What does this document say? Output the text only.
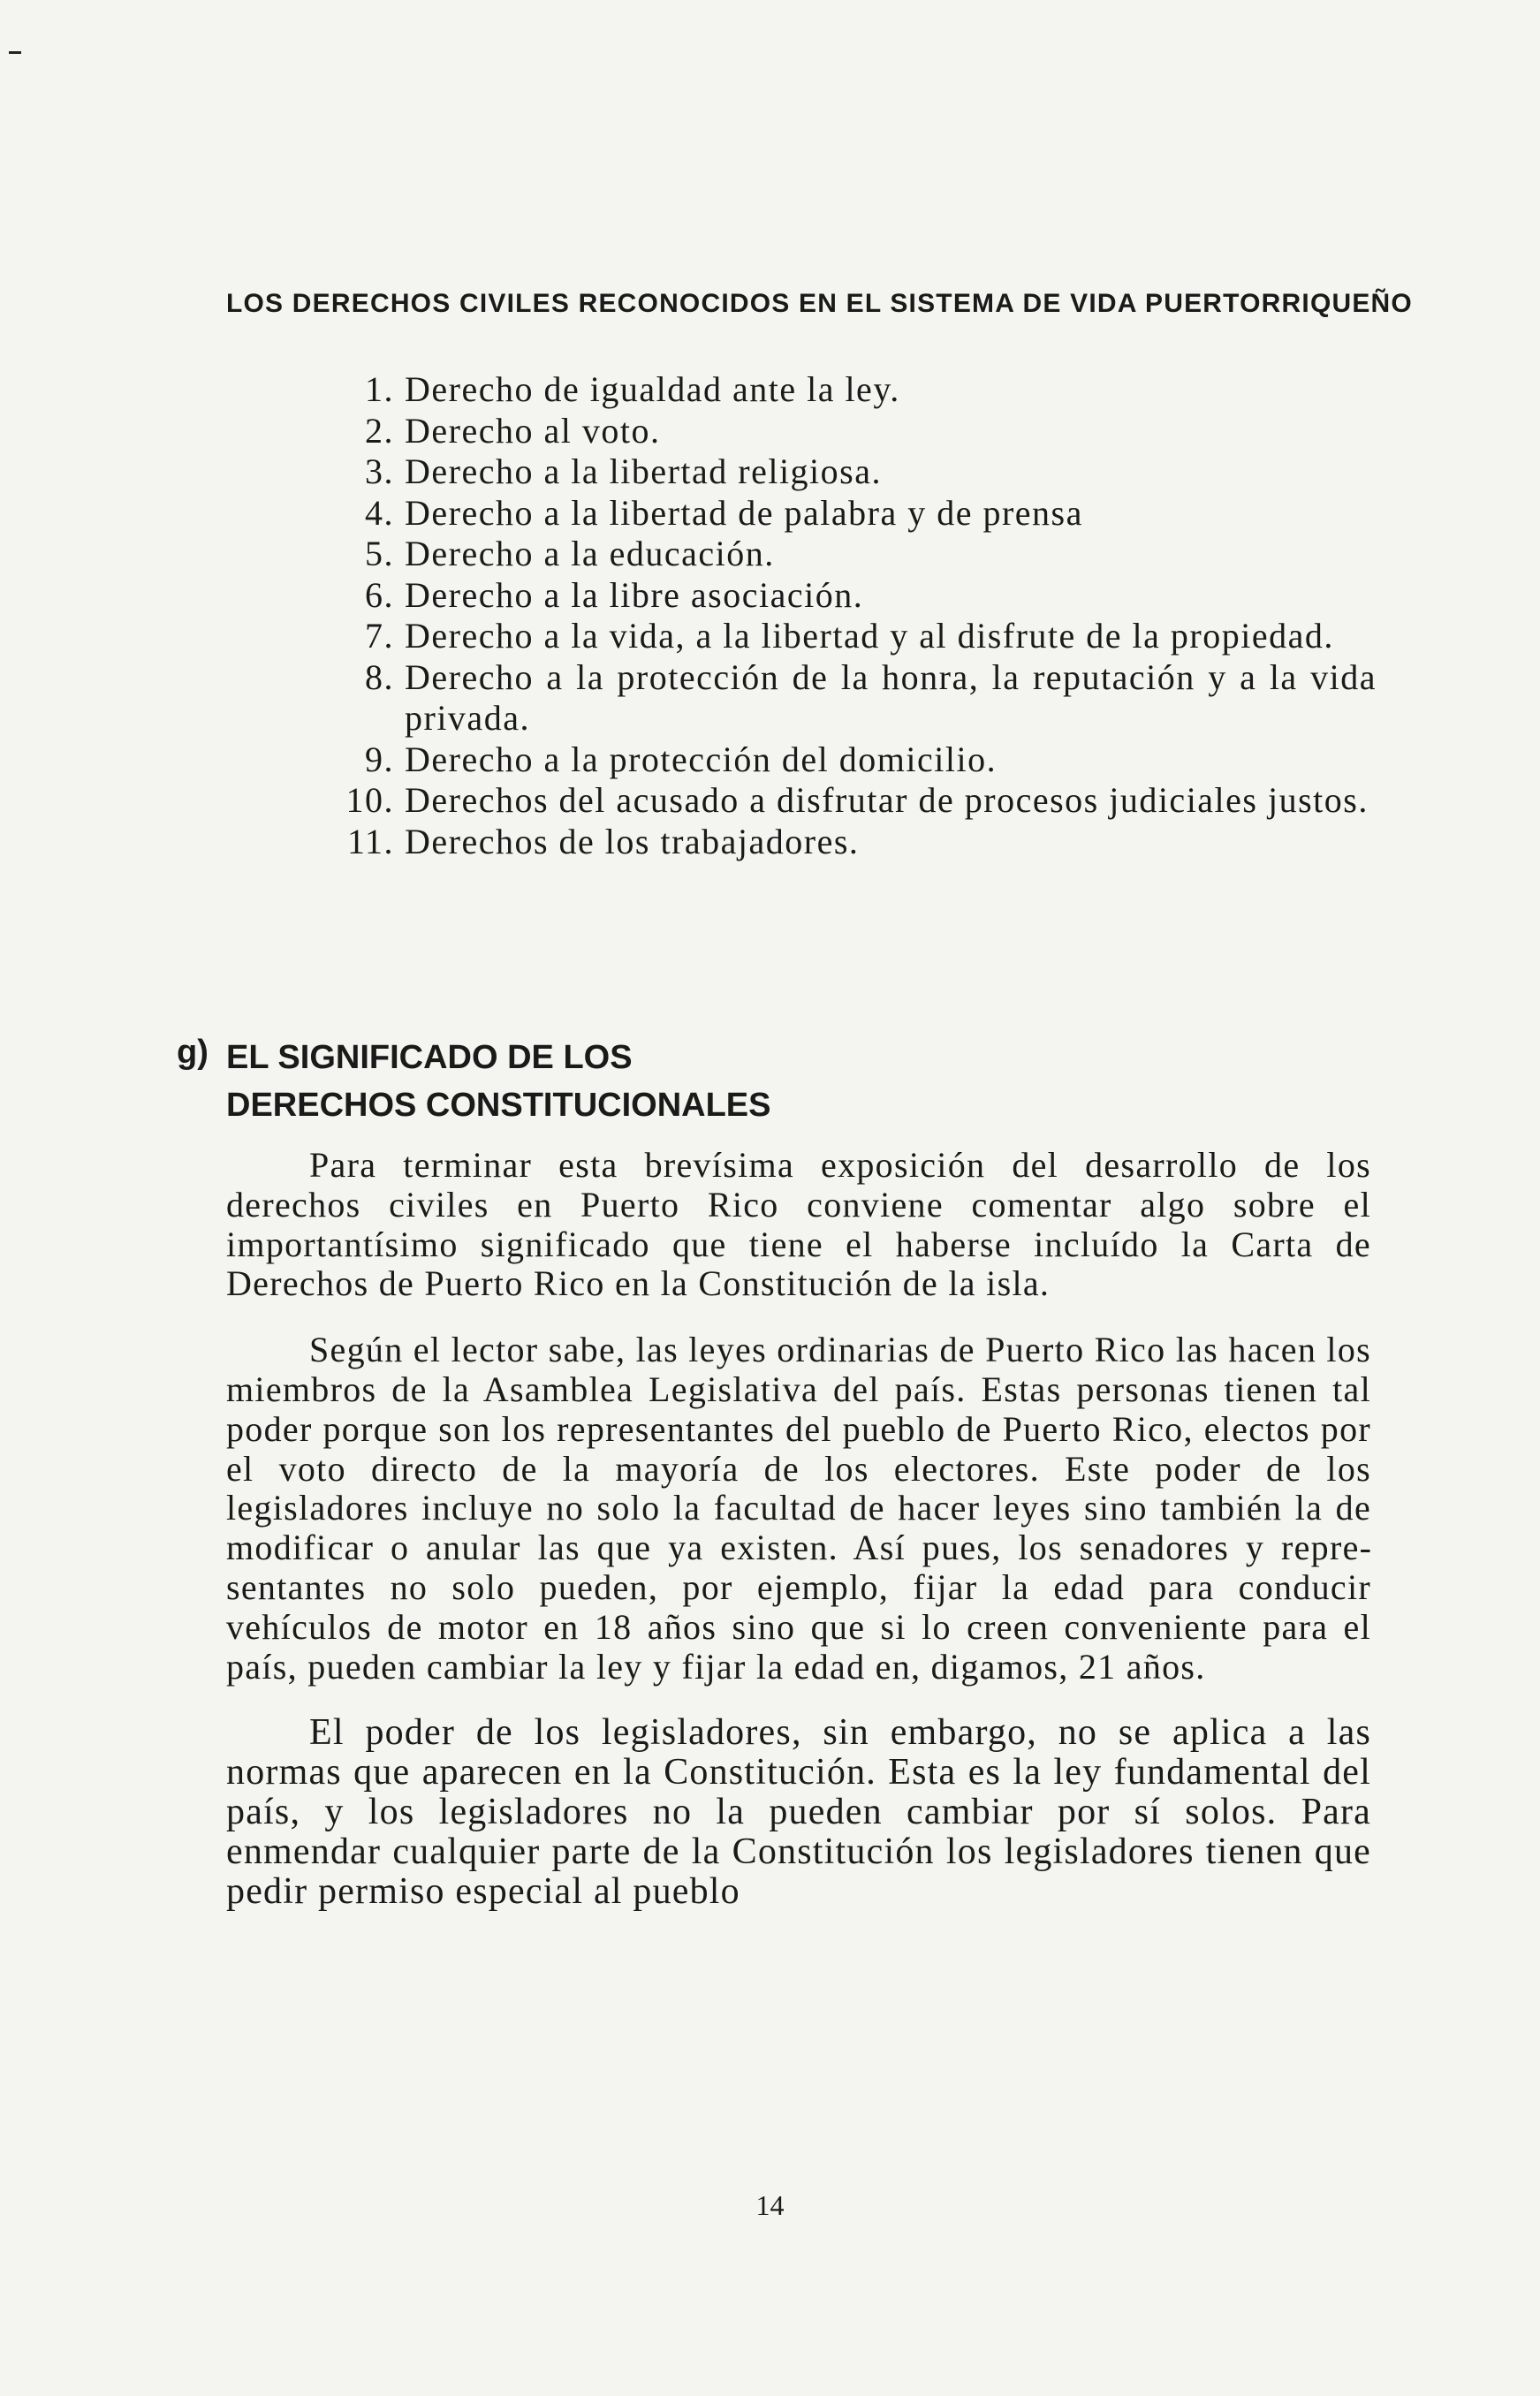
LOS DERECHOS CIVILES RECONOCIDOS EN EL SISTEMA DE VIDA PUERTORRIQUEÑO
1. Derecho de igualdad ante la ley.
2. Derecho al voto.
3. Derecho a la libertad religiosa.
4. Derecho a la libertad de palabra y de prensa
5. Derecho a la educación.
6. Derecho a la libre asociación.
7. Derecho a la vida, a la libertad y al disfrute de la propiedad.
8. Derecho a la protección de la honra, la reputación y a la vida privada.
9. Derecho a la protección del domicilio.
10. Derechos del acusado a disfrutar de procesos judiciales justos.
11. Derechos de los trabajadores.
g) EL SIGNIFICADO DE LOS
DERECHOS CONSTITUCIONALES

Para terminar esta brevísima exposición del desarrollo de los derechos civiles en Puerto Rico conviene comentar algo sobre el importantísimo significado que tiene el haberse incluído la Carta de Derechos de Puerto Rico en la Constitución de la isla.

Según el lector sabe, las leyes ordinarias de Puerto Rico las hacen los miembros de la Asamblea Legislativa del país. Estas personas tienen tal poder porque son los representantes del pueblo de Puerto Rico, electos por el voto directo de la mayoría de los electores. Este poder de los legisladores incluye no solo la facultad de hacer leyes sino también la de modificar o anular las que ya existen. Así pues, los senadores y representantes no solo pueden, por ejemplo, fijar la edad para conducir vehículos de motor en 18 años sino que si lo creen conveniente para el país, pueden cambiar la ley y fijar la edad en, digamos, 21 años.

El poder de los legisladores, sin embargo, no se aplica a las normas que aparecen en la Constitución. Esta es la ley fundamental del país, y los legisladores no la pueden cambiar por sí solos. Para enmendar cualquier parte de la Constitución los legisladores tienen que pedir permiso especial al pueblo

14
